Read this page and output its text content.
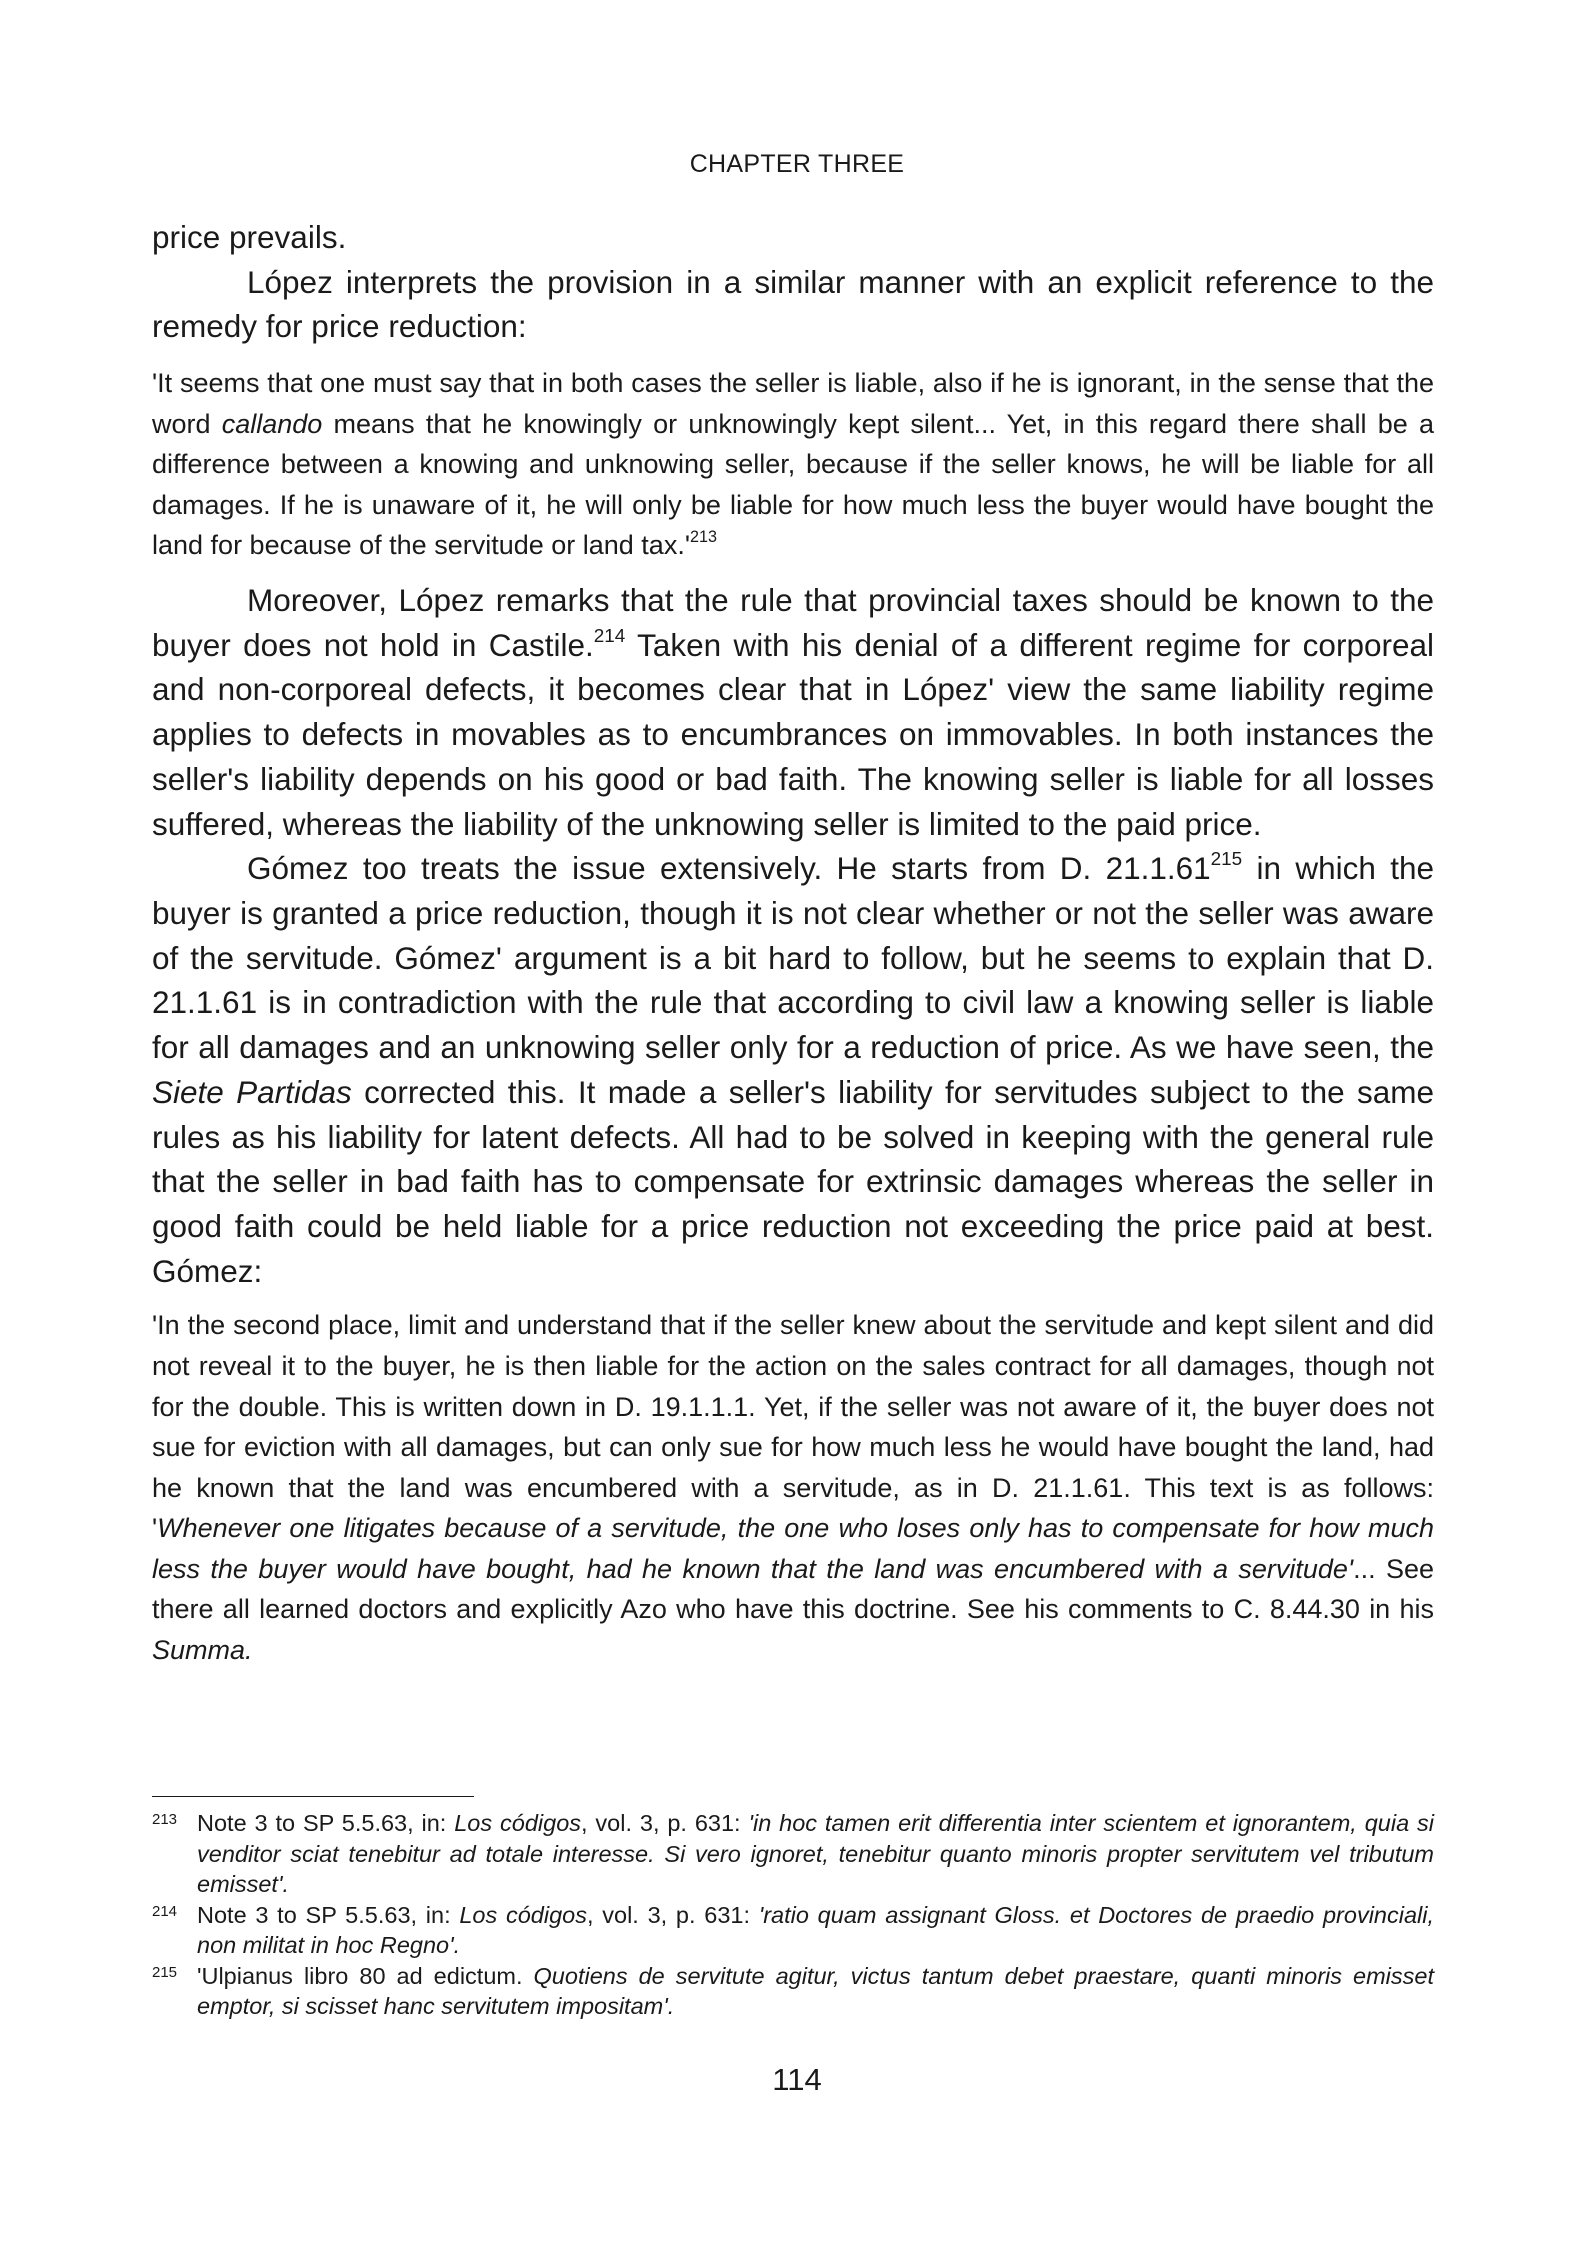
CHAPTER THREE

price prevails.

López interprets the provision in a similar manner with an explicit reference to the remedy for price reduction:

'It seems that one must say that in both cases the seller is liable, also if he is ignorant, in the sense that the word callando means that he knowingly or unknowingly kept silent... Yet, in this regard there shall be a difference between a knowing and unknowing seller, because if the seller knows, he will be liable for all damages. If he is unaware of it, he will only be liable for how much less the buyer would have bought the land for because of the servitude or land $tax.'^{213}$

Moreover, López remarks that the rule that provincial taxes should be known to the buyer does not hold in Castile.$^{214}$ Taken with his denial of a different regime for corporeal and non-corporeal defects, it becomes clear that in López' view the same liability regime applies to defects in movables as to encumbrances on immovables. In both instances the seller's liability depends on his good or bad faith. The knowing seller is liable for all losses suffered, whereas the liability of the unknowing seller is limited to the paid price.

Gómez too treats the issue extensively. He starts from D. 21.1.61$^{215}$ in which the buyer is granted a price reduction, though it is not clear whether or not the seller was aware of the servitude. Gómez' argument is a bit hard to follow, but he seems to explain that D. 21.1.61 is in contradiction with the rule that according to civil law a knowing seller is liable for all damages and an unknowing seller only for a reduction of price. As we have seen, the Siete Partidas corrected this. It made a seller's liability for servitudes subject to the same rules as his liability for latent defects. All had to be solved in keeping with the general rule that the seller in bad faith has to compensate for extrinsic damages whereas the seller in good faith could be held liable for a price reduction not exceeding the price paid at best. Gómez:

'In the second place, limit and understand that if the seller knew about the servitude and kept silent and did not reveal it to the buyer, he is then liable for the action on the sales contract for all damages, though not for the double. This is written down in D. 19.1.1.1. Yet, if the seller was not aware of it, the buyer does not sue for eviction with all damages, but can only sue for how much less he would have bought the land, had he known that the land was encumbered with a servitude, as in D. 21.1.61. This text is as follows: 'Whenever one litigates because of a servitude, the one who loses only has to compensate for how much less the buyer would have bought, had he known that the land was encumbered with a servitude'... See there all learned doctors and explicitly Azo who have this doctrine. See his comments to C. 8.44.30 in his Summa.

213 Note 3 to SP 5.5.63, in: Los códigos, vol. 3, p. 631: 'in hoc tamen erit differentia inter scientem et ignorantem, quia si venditor sciat tenebitur ad totale interesse. Si vero ignoret, tenebitur quanto minoris propter servitutem vel tributum emisset'.

214 Note 3 to SP 5.5.63, in: Los códigos, vol. 3, p. 631: 'ratio quam assignant Gloss. et Doctores de praedio provinciali, non militat in hoc Regno'.

215 'Ulpianus libro 80 ad edictum. Quotiens de servitute agitur, victus tantum debet praestare, quanti minoris emisset emptor, si scisset hanc servitutem impositam'.

114
